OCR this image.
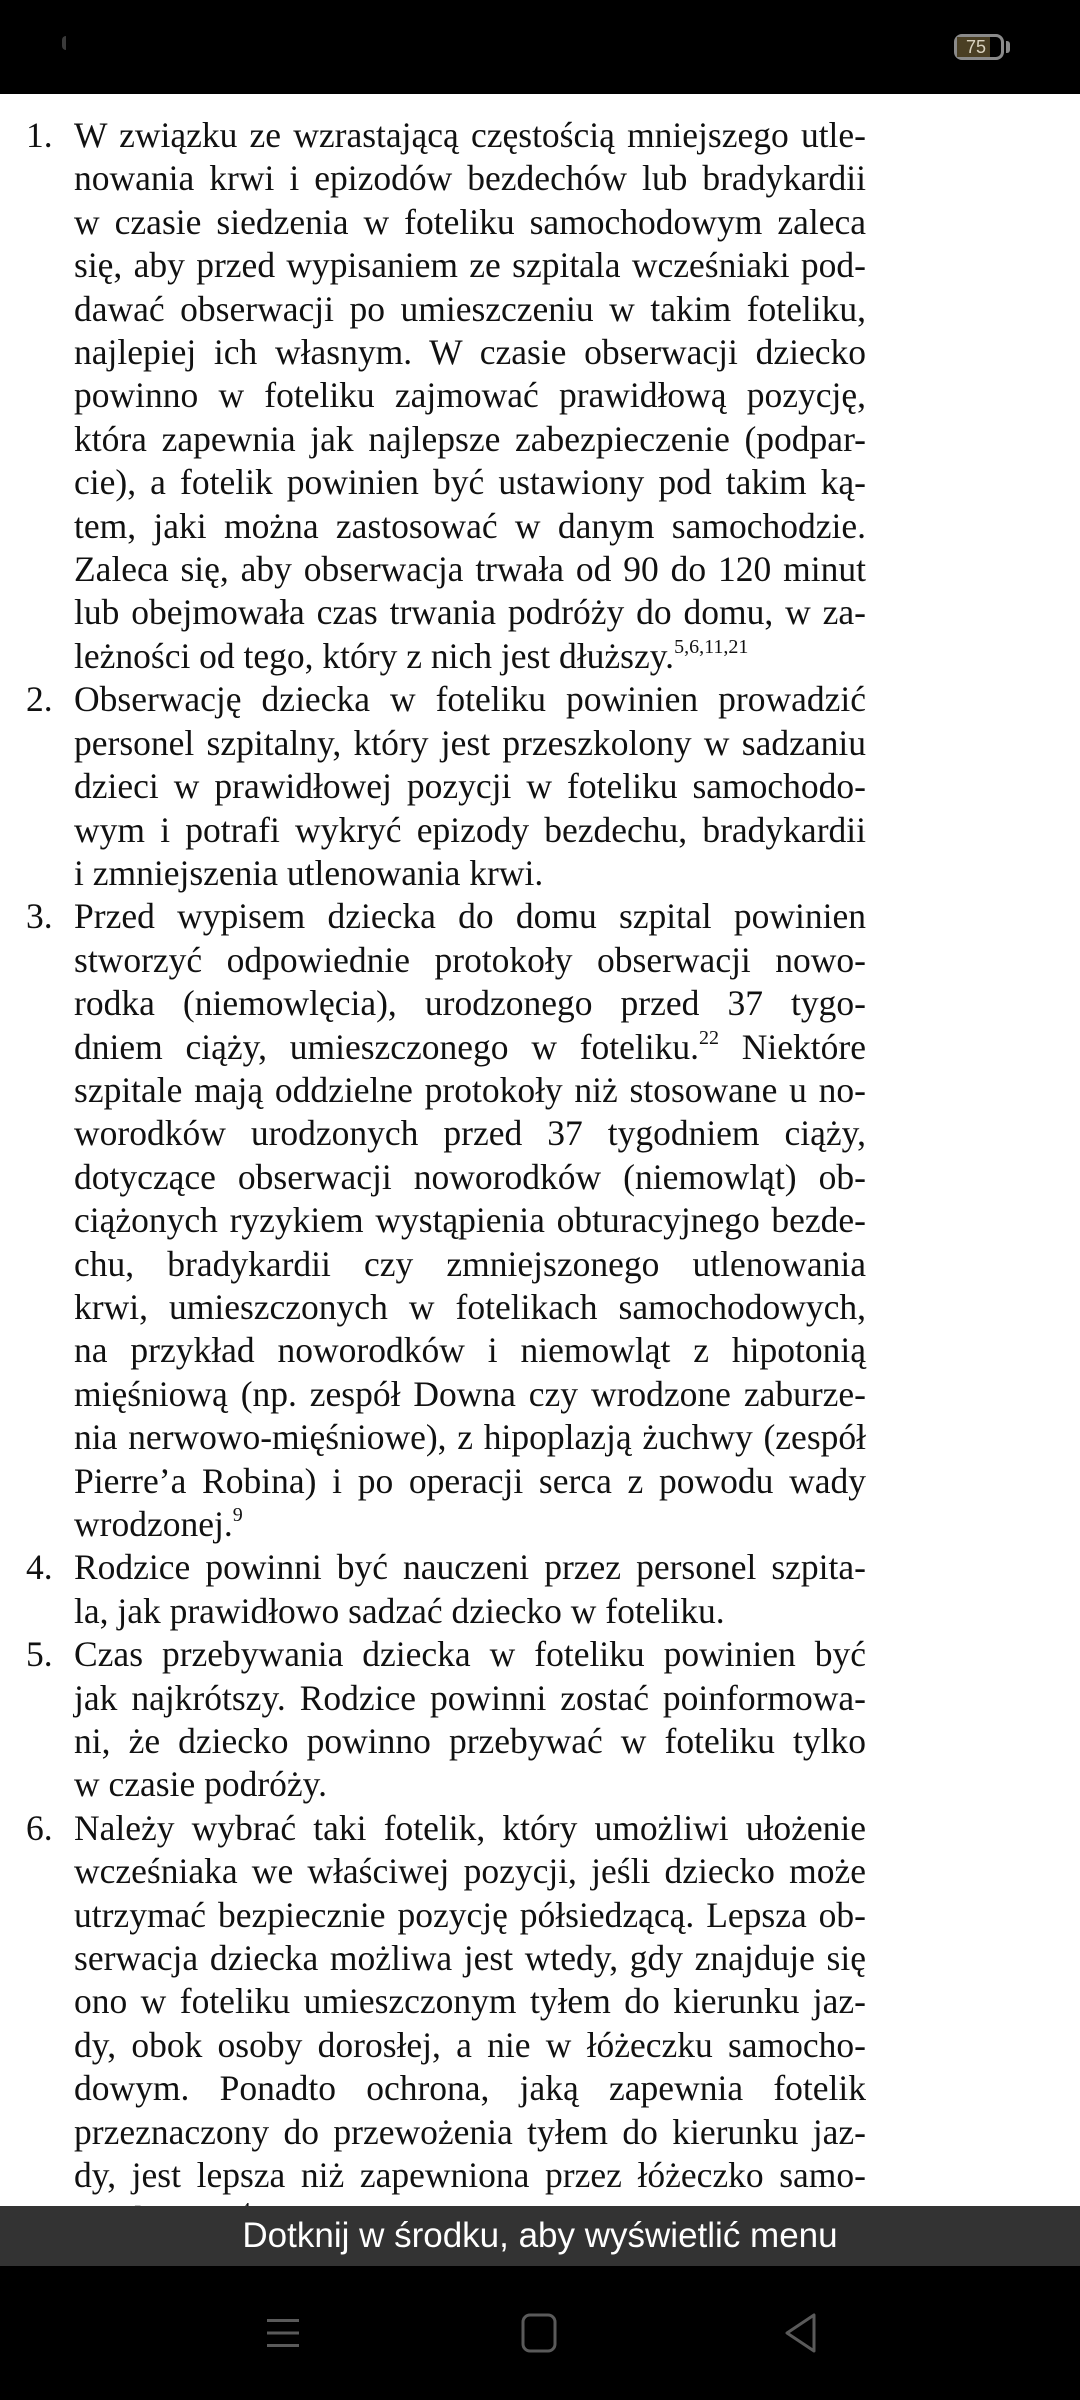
75
1. W związku ze wzrastającą częstością mniejszego utle-
nowania krwi i epizodów bezdechów lub bradykardii
w czasie siedzenia w foteliku samochodowym zaleca
się, aby przed wypisaniem ze szpitala wcześniaki pod-
dawać obserwacji po umieszczeniu w takim foteliku,
najlepiej ich własnym. W czasie obserwacji dziecko
powinno w foteliku zajmować prawidłową pozycję,
która zapewnia jak najlepsze zabezpieczenie (podpar-
cie), a fotelik powinien być ustawiony pod takim ką-
tem, jaki można zastosować w danym samochodzie.
Zaleca się, aby obserwacja trwała od 90 do 120 minut
lub obejmowała czas trwania podróży do domu, w za-
leżności od tego, który z nich jest dłuższy.$^{5,6,11,21}$
2. Obserwację dziecka w foteliku powinien prowadzić
personel szpitalny, który jest przeszkolony w sadzaniu
dzieci w prawidłowej pozycji w foteliku samochodo-
wym i potrafi wykryć epizody bezdechu, bradykardii
i zmniejszenia utlenowania krwi.
3. Przed wypisem dziecka do domu szpital powinien
stworzyć odpowiednie protokoły obserwacji nowo-
rodka (niemowlęcia), urodzonego przed 37 tygo-
dniem ciąży, umieszczonego w foteliku.$^{22}$ Niektóre
szpitale mają oddzielne protokoły niż stosowane u no-
worodków urodzonych przed 37 tygodniem ciąży,
dotyczące obserwacji noworodków (niemowląt) ob-
ciążonych ryzykiem wystąpienia obturacyjnego bezde-
chu, bradykardii czy zmniejszonego utlenowania
krwi, umieszczonych w fotelikach samochodowych,
na przykład noworodków i niemowląt z hipotonią
mięśniową (np. zespół Downa czy wrodzone zaburze-
nia nerwowo-mięśniowe), z hipoplazją żuchwy (zespół
Pierre’a Robina) i po operacji serca z powodu wady
wrodzonej.$^9$
4. Rodzice powinni być nauczeni przez personel szpita-
la, jak prawidłowo sadzać dziecko w foteliku.
5. Czas przebywania dziecka w foteliku powinien być
jak najkrótszy. Rodzice powinni zostać poinformowa-
ni, że dziecko powinno przebywać w foteliku tylko
w czasie podróży.
6. Należy wybrać taki fotelik, który umożliwi ułożenie
wcześniaka we właściwej pozycji, jeśli dziecko może
utrzymać bezpiecznie pozycję półsiedzącą. Lepsza ob-
serwacja dziecka możliwa jest wtedy, gdy znajduje się
ono w foteliku umieszczonym tyłem do kierunku jaz-
dy, obok osoby dorosłej, a nie w łóżeczku samocho-
dowym. Ponadto ochrona, jaką zapewnia fotelik
przeznaczony do przewożenia tyłem do kierunku jaz-
dy, jest lepsza niż zapewniona przez łóżeczko samo-
Dotknij w środku, aby wyświetlić menu
